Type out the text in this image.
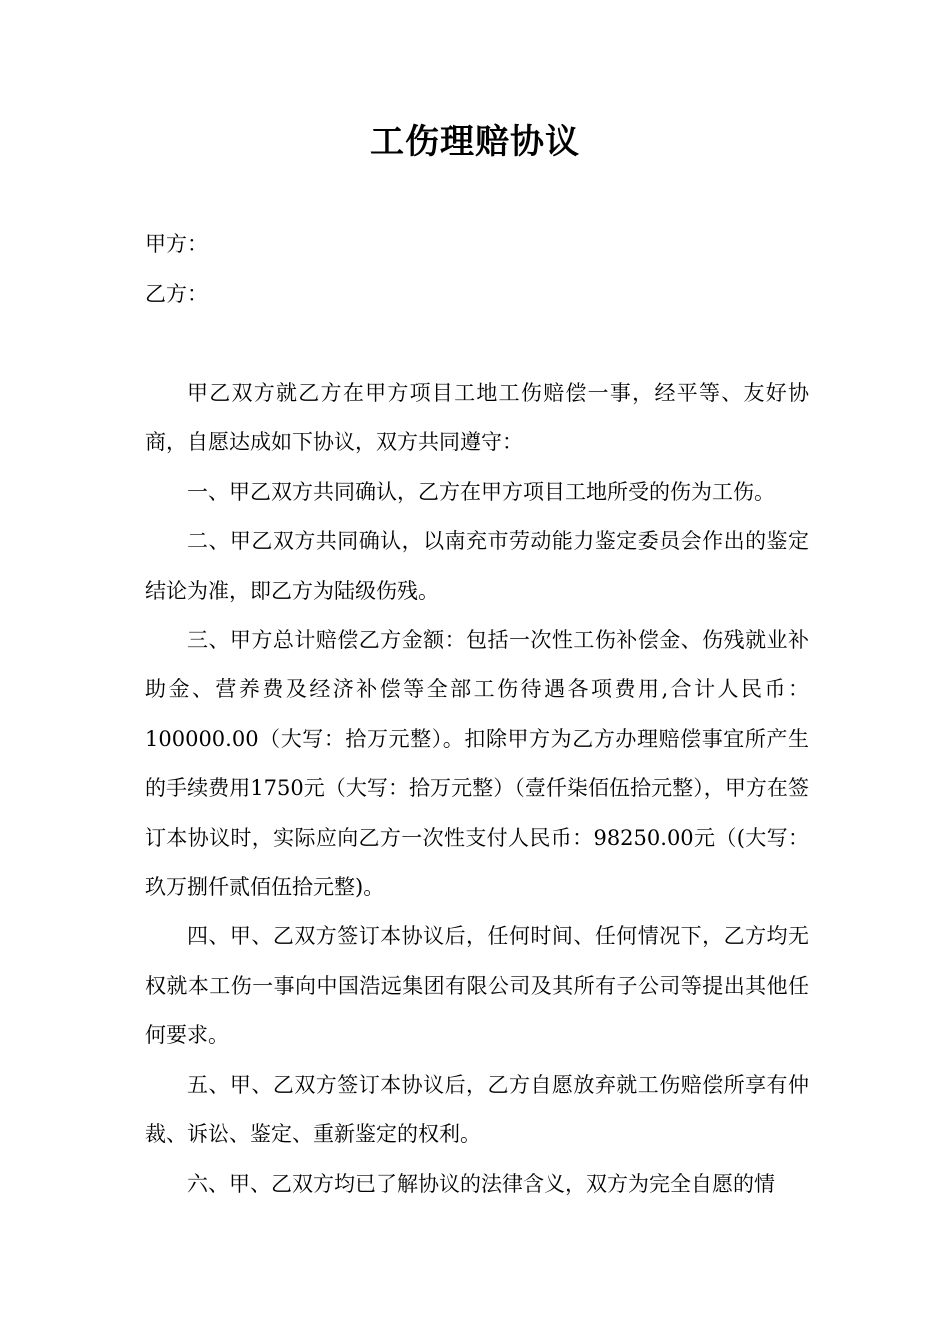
工伤理赔协议

甲方：

乙方：

甲乙双方就乙方在甲方项目工地工伤赔偿一事，经平等、友好协商，自愿达成如下协议，双方共同遵守：

一、甲乙双方共同确认，乙方在甲方项目工地所受的伤为工伤。

二、甲乙双方共同确认，以南充市劳动能力鉴定委员会作出的鉴定结论为准，即乙方为陆级伤残。

三、甲方总计赔偿乙方金额：包括一次性工伤补偿金、伤残就业补助金、营养费及经济补偿等全部工伤待遇各项费用,合计人民币：100000.00（大写：拾万元整）。扣除甲方为乙方办理赔偿事宜所产生的手续费用1750元（大写：拾万元整）（壹仟柒佰伍拾元整），甲方在签订本协议时，实际应向乙方一次性支付人民币：98250.00元（(大写：玖万捌仟贰佰伍拾元整)。

四、甲、乙双方签订本协议后，任何时间、任何情况下，乙方均无权就本工伤一事向中国浩远集团有限公司及其所有子公司等提出其他任何要求。

五、甲、乙双方签订本协议后，乙方自愿放弃就工伤赔偿所享有仲裁、诉讼、鉴定、重新鉴定的权利。

六、甲、乙双方均已了解协议的法律含义，双方为完全自愿的情
